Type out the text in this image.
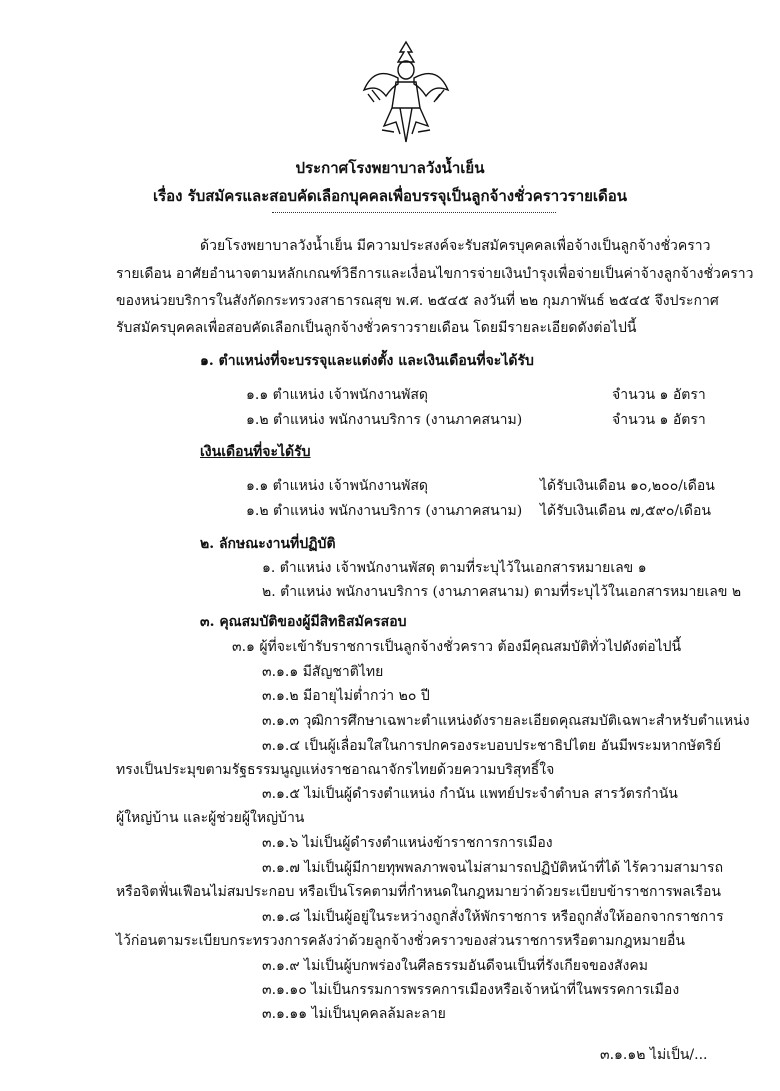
ประกาศโรงพยาบาลวังน้ำเย็น
เรื่อง รับสมัครและสอบคัดเลือกบุคคลเพื่อบรรจุเป็นลูกจ้างชั่วคราวรายเดือน
ด้วยโรงพยาบาลวังน้ำเย็น มีความประสงค์จะรับสมัครบุคคลเพื่อจ้างเป็นลูกจ้างชั่วคราว
รายเดือน อาศัยอำนาจตามหลักเกณฑ์วิธีการและเงื่อนไขการจ่ายเงินบำรุงเพื่อจ่ายเป็นค่าจ้างลูกจ้างชั่วคราว
ของหน่วยบริการในสังกัดกระทรวงสาธารณสุข พ.ศ. ๒๕๔๕ ลงวันที่ ๒๒ กุมภาพันธ์ ๒๕๔๕ จึงประกาศ
รับสมัครบุคคลเพื่อสอบคัดเลือกเป็นลูกจ้างชั่วคราวรายเดือน โดยมีรายละเอียดดังต่อไปนี้
๑. ตำแหน่งที่จะบรรจุและแต่งตั้ง และเงินเดือนที่จะได้รับ
๑.๑ ตำแหน่ง เจ้าพนักงานพัสดุ	จำนวน ๑ อัตรา
๑.๒ ตำแหน่ง พนักงานบริการ (งานภาคสนาม)	จำนวน ๑ อัตรา
เงินเดือนที่จะได้รับ
๑.๑ ตำแหน่ง เจ้าพนักงานพัสดุ	ได้รับเงินเดือน ๑๐,๒๐๐/เดือน
๑.๒ ตำแหน่ง พนักงานบริการ (งานภาคสนาม) ได้รับเงินเดือน ๗,๕๙๐/เดือน
๒. ลักษณะงานที่ปฏิบัติ
๑. ตำแหน่ง เจ้าพนักงานพัสดุ ตามที่ระบุไว้ในเอกสารหมายเลข ๑
๒. ตำแหน่ง พนักงานบริการ (งานภาคสนาม) ตามที่ระบุไว้ในเอกสารหมายเลข ๒
๓. คุณสมบัติของผู้มีสิทธิสมัครสอบ
๓.๑ ผู้ที่จะเข้ารับราชการเป็นลูกจ้างชั่วคราว ต้องมีคุณสมบัติทั่วไปดังต่อไปนี้
๓.๑.๑ มีสัญชาติไทย
๓.๑.๒ มีอายุไม่ต่ำกว่า ๒๐ ปี
๓.๑.๓ วุฒิการศึกษาเฉพาะตำแหน่งดังรายละเอียดคุณสมบัติเฉพาะสำหรับตำแหน่ง
๓.๑.๔ เป็นผู้เลื่อมใสในการปกครองระบอบประชาธิปไตย อันมีพระมหากษัตริย์
ทรงเป็นประมุขตามรัฐธรรมนูญแห่งราชอาณาจักรไทยด้วยความบริสุทธิ์ใจ
๓.๑.๕ ไม่เป็นผู้ดำรงตำแหน่ง กำนัน แพทย์ประจำตำบล สารวัตรกำนัน
ผู้ใหญ่บ้าน และผู้ช่วยผู้ใหญ่บ้าน
๓.๑.๖ ไม่เป็นผู้ดำรงตำแหน่งข้าราชการการเมือง
๓.๑.๗ ไม่เป็นผู้มีกายทุพพลภาพจนไม่สามารถปฏิบัติหน้าที่ได้ ไร้ความสามารถ
หรือจิตฟั่นเฟือนไม่สมประกอบ หรือเป็นโรคตามที่กำหนดในกฎหมายว่าด้วยระเบียบข้าราชการพลเรือน
๓.๑.๘ ไม่เป็นผู้อยู่ในระหว่างถูกสั่งให้พักราชการ หรือถูกสั่งให้ออกจากราชการ
ไว้ก่อนตามระเบียบกระทรวงการคลังว่าด้วยลูกจ้างชั่วคราวของส่วนราชการหรือตามกฎหมายอื่น
๓.๑.๙ ไม่เป็นผู้บกพร่องในศีลธรรมอันดีจนเป็นที่รังเกียจของสังคม
๓.๑.๑๐ ไม่เป็นกรรมการพรรคการเมืองหรือเจ้าหน้าที่ในพรรคการเมือง
๓.๑.๑๑ ไม่เป็นบุคคลล้มละลาย
๓.๑.๑๒ ไม่เป็น/...
